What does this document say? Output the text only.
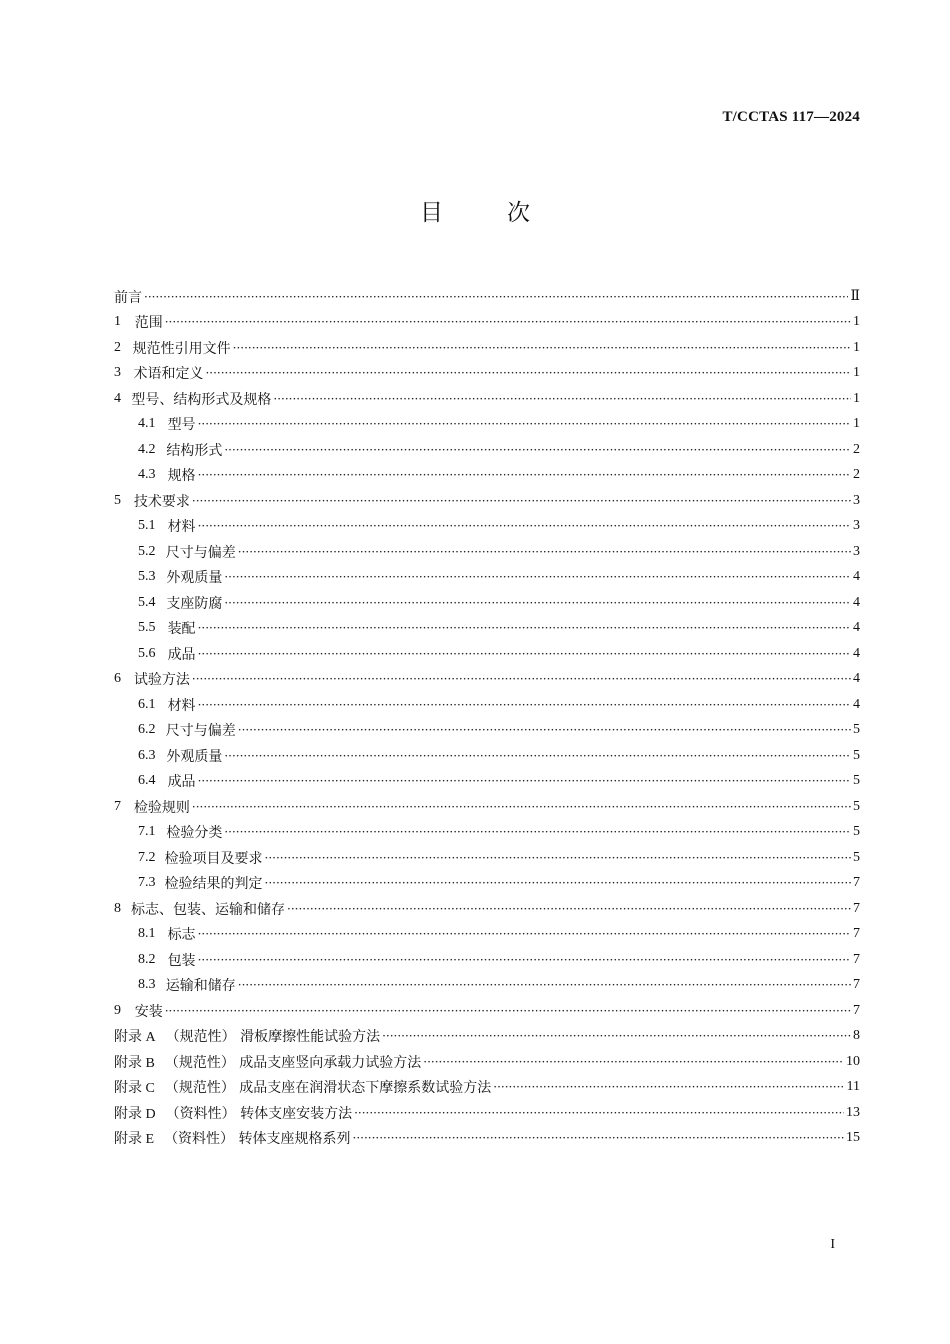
T/CCTAS 117—2024
目次
前言 ·····	Ⅱ
1 范围 ·····	1
2 规范性引用文件 ·····	1
3 术语和定义 ·····	1
4 型号、结构形式及规格 ·····	1
4.1 型号 ·····	1
4.2 结构形式 ·····	2
4.3 规格 ·····	2
5 技术要求 ·····	3
5.1 材料 ·····	3
5.2 尺寸与偏差 ·····	3
5.3 外观质量 ·····	4
5.4 支座防腐 ·····	4
5.5 装配 ·····	4
5.6 成品 ·····	4
6 试验方法 ·····	4
6.1 材料 ·····	4
6.2 尺寸与偏差 ·····	5
6.3 外观质量 ·····	5
6.4 成品 ·····	5
7 检验规则 ·····	5
7.1 检验分类 ·····	5
7.2 检验项目及要求 ·····	5
7.3 检验结果的判定 ·····	7
8 标志、包装、运输和储存 ·····	7
8.1 标志 ·····	7
8.2 包装 ·····	7
8.3 运输和储存 ·····	7
9 安装 ·····	7
附录 A （规范性） 滑板摩擦性能试验方法 ·····	8
附录 B （规范性） 成品支座竖向承载力试验方法 ·····	10
附录 C （规范性） 成品支座在润滑状态下摩擦系数试验方法 ·····	11
附录 D （资料性） 转体支座安装方法 ·····	13
附录 E （资料性） 转体支座规格系列 ·····	15
I
